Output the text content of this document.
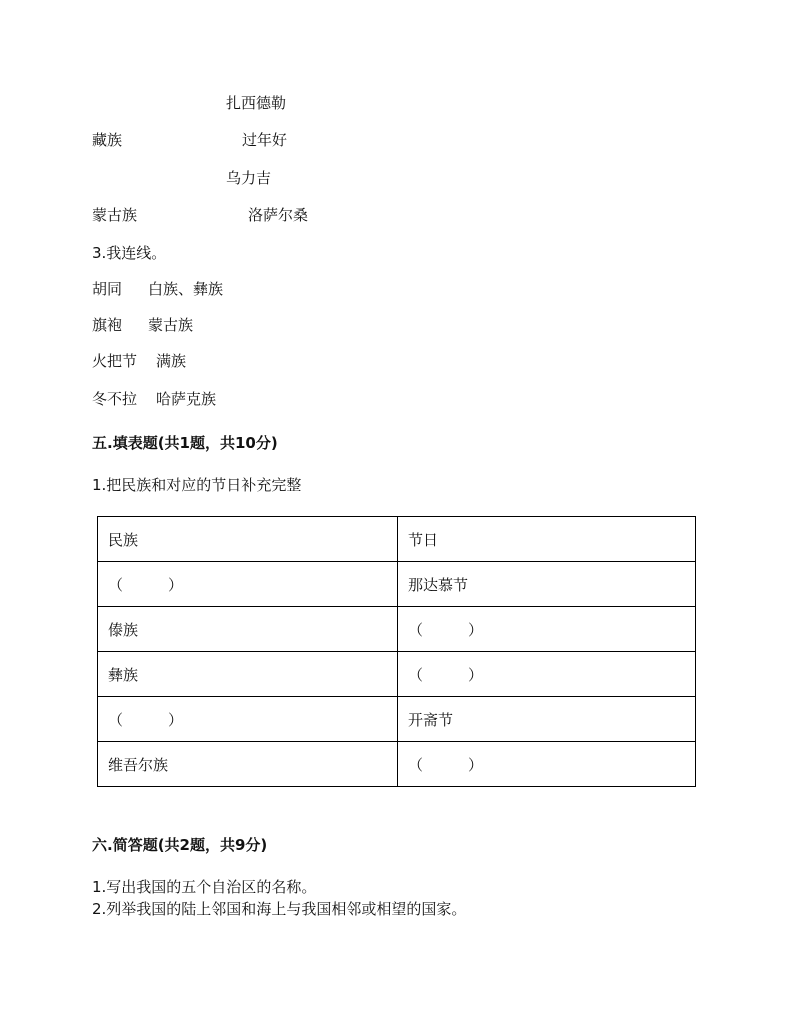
扎西德勒
藏族	过年好
乌力吉
蒙古族	洛萨尔桑
3.我连线。
胡同 白族、彝族
旗袍 蒙古族
火把节 满族
冬不拉 哈萨克族
五.填表题(共1题，共10分)
1.把民族和对应的节日补充完整
民族	节日
（　　　）	那达慕节
傣族	（　　　）
彝族	（　　　）
（　　　）	开斋节
维吾尔族	（　　　）
六.简答题(共2题，共9分)
1.写出我国的五个自治区的名称。
2.列举我国的陆上邻国和海上与我国相邻或相望的国家。
